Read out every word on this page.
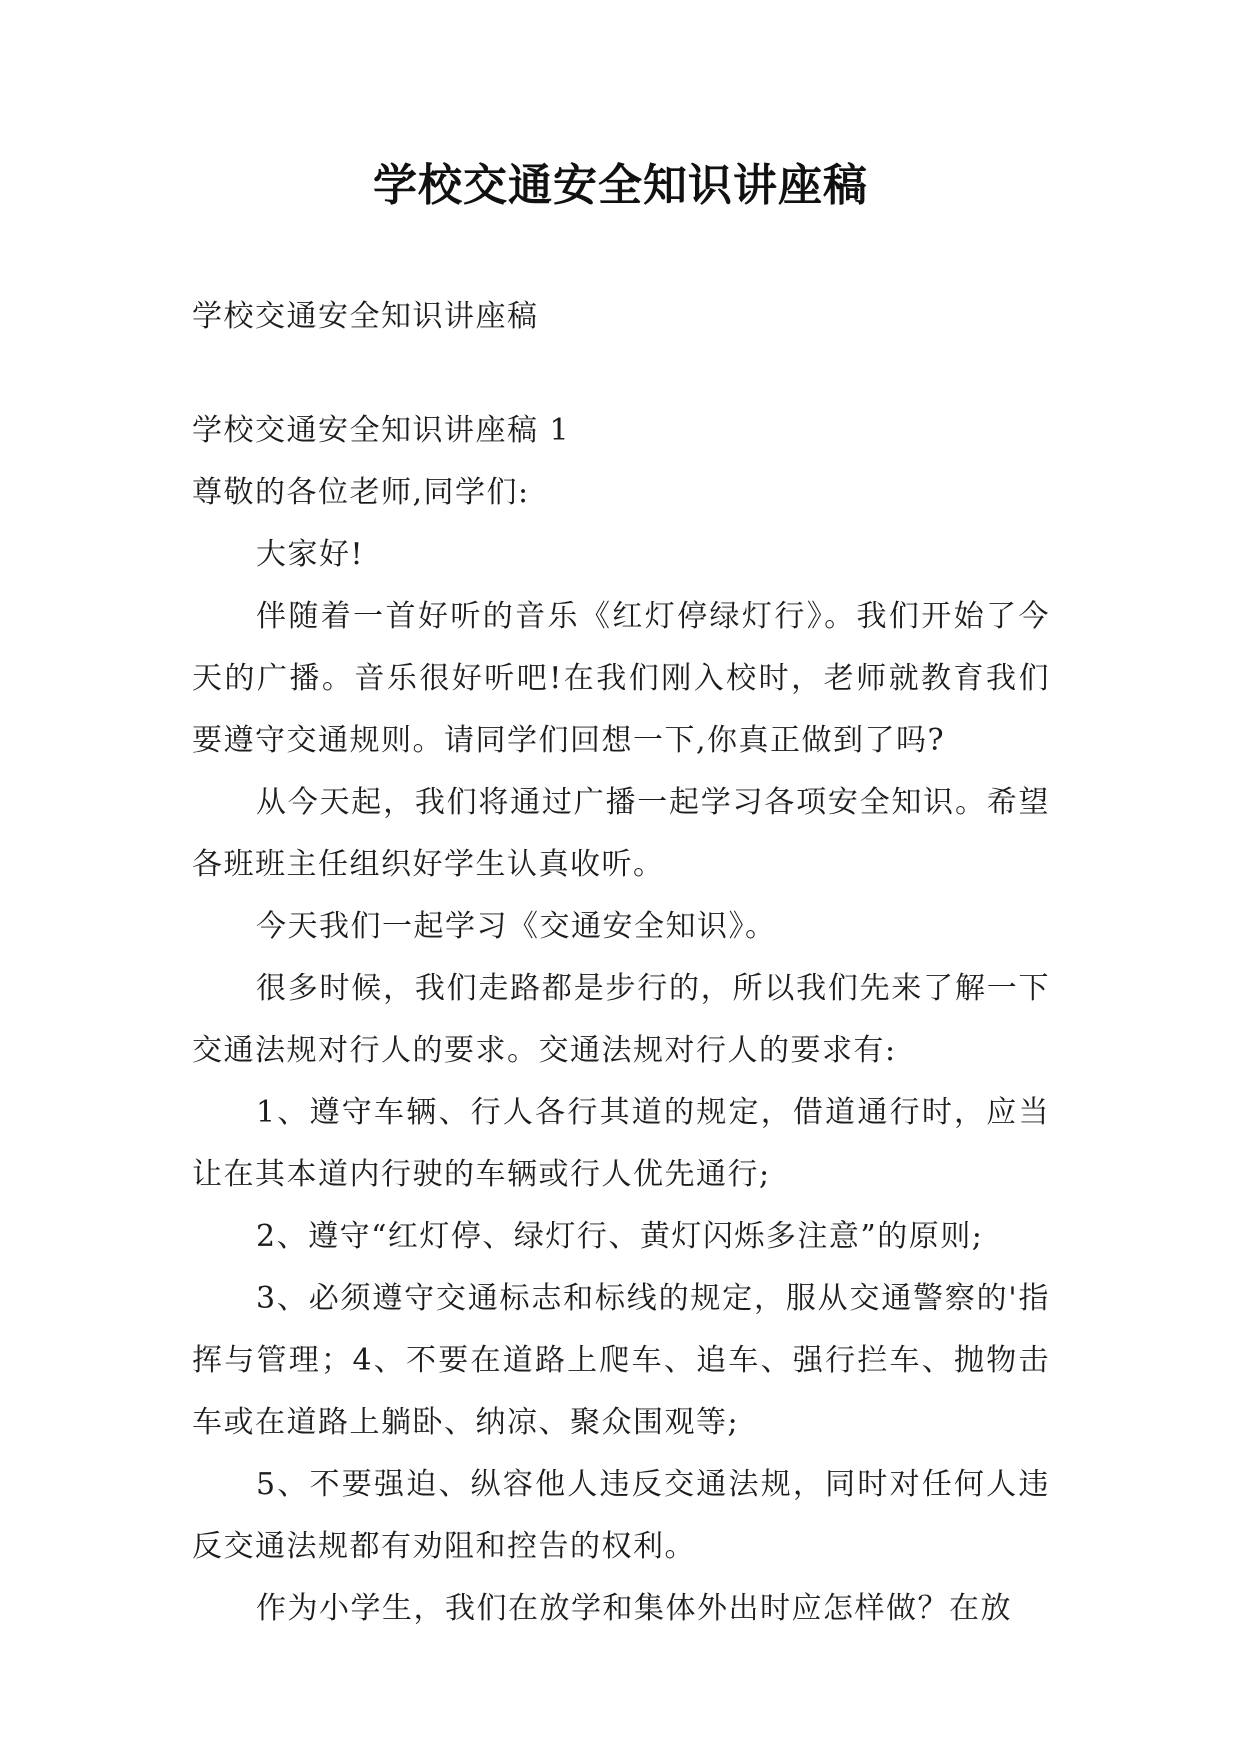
学校交通安全知识讲座稿

学校交通安全知识讲座稿

学校交通安全知识讲座稿 1

尊敬的各位老师,同学们:

大家好!

伴随着一首好听的音乐《红灯停绿灯行》。我们开始了今天的广播。音乐很好听吧!在我们刚入校时，老师就教育我们要遵守交通规则。请同学们回想一下,你真正做到了吗?

从今天起，我们将通过广播一起学习各项安全知识。希望各班班主任组织好学生认真收听。

今天我们一起学习《交通安全知识》。

很多时候，我们走路都是步行的，所以我们先来了解一下交通法规对行人的要求。交通法规对行人的要求有:

1、遵守车辆、行人各行其道的规定，借道通行时，应当让在其本道内行驶的车辆或行人优先通行;

2、遵守“红灯停、绿灯行、黄灯闪烁多注意”的原则;

3、必须遵守交通标志和标线的规定，服从交通警察的'指挥与管理；4、不要在道路上爬车、追车、强行拦车、抛物击车或在道路上躺卧、纳凉、聚众围观等;

5、不要强迫、纵容他人违反交通法规，同时对任何人违反交通法规都有劝阻和控告的权利。

作为小学生，我们在放学和集体外出时应怎样做？在放
